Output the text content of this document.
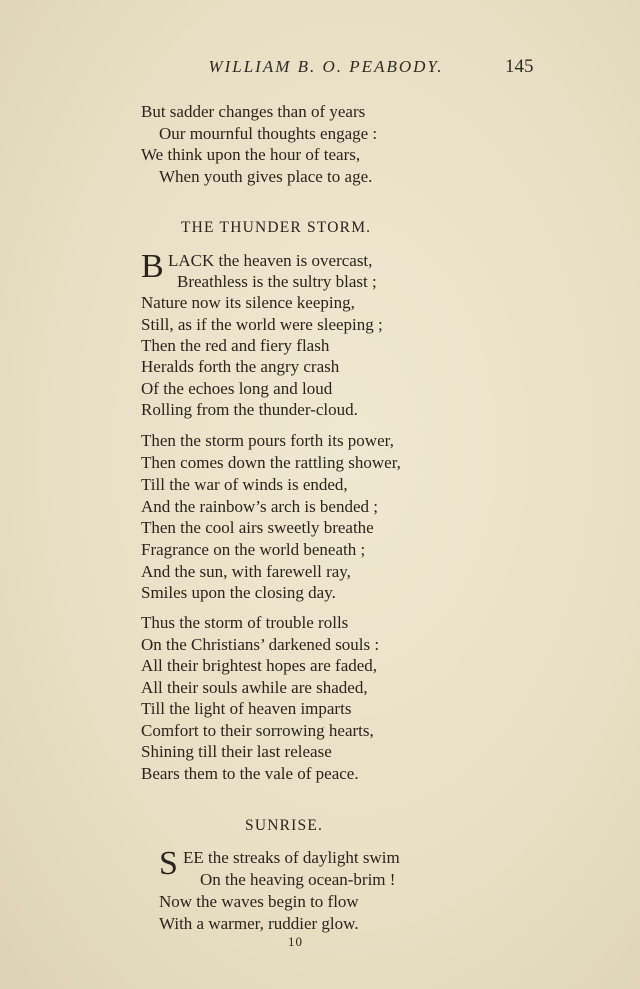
WILLIAM B. O. PEABODY.	145
But sadder changes than of years
Our mournful thoughts engage :
We think upon the hour of tears,
When youth gives place to age.
THE THUNDER STORM.
B LACK the heaven is overcast,
Breathless is the sultry blast ;
Nature now its silence keeping,
Still, as if the world were sleeping ;
Then the red and fiery flash
Heralds forth the angry crash
Of the echoes long and loud
Rolling from the thunder-cloud.
Then the storm pours forth its power,
Then comes down the rattling shower,
Till the war of winds is ended,
And the rainbow’s arch is bended ;
Then the cool airs sweetly breathe
Fragrance on the world beneath ;
And the sun, with farewell ray,
Smiles upon the closing day.
Thus the storm of trouble rolls
On the Christians’ darkened souls :
All their brightest hopes are faded,
All their souls awhile are shaded,
Till the light of heaven imparts
Comfort to their sorrowing hearts,
Shining till their last release
Bears them to the vale of peace.
SUNRISE.
S EE the streaks of daylight swim
On the heaving ocean-brim !
Now the waves begin to flow
With a warmer, ruddier glow.
10
